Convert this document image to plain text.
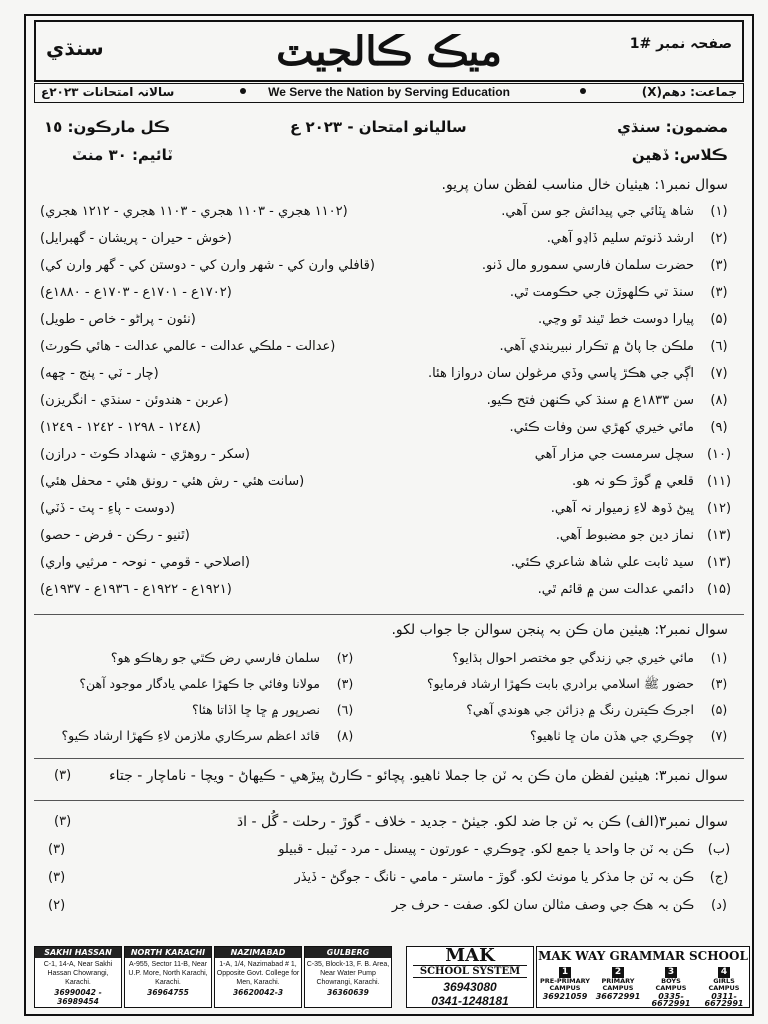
سنڌي	ميڪ ڪالجيٽ	صفحہ نمبر #1
سالانہ امتحانات ٢٠٢٣ع	We Serve the Nation by Serving Education	جماعت: دهم(X)
مضمون: سنڌي
ساليانو امتحان - ٢٠٢٣ ع
ڪل مارڪون: ١٥
ڪلاس: ڏهين
ٽائيم: ٣٠ منٽ
سوال نمبر١: هيٺيان خال مناسب لفظن سان پريو.
(١)
شاھ ڀٽائي جي پيدائش جو سن آھي.
(١١٠٢ هجري - ١١٠٣ هجري - ١١٠٣ هجري - ١٢١٢ هجري)
(٢)
ارشد ڏنوتم سليم ڏاڍو آھي.
(خوش - حيران - پريشان - گهبرايل)
(٣)
حضرت سلمان فارسي سمورو مال ڏنو.
(قافلي وارن کي - شهر وارن کي - دوستن کي - گهر وارن کي)
(٣)
سنڌ تي ڪلهوڙن جي حڪومت ٿي.
(١٧٠٢ع - ١٧٠١ع - ١٧٠٣ع - ١٨٨٠ع)
(۵)
پيارا دوست خط ٿيند ٿو وڃي.
(نئون - پراڻو - خاص - طويل)
(٦)
ملڪن جا پاڻ ۾ تڪرار نبيريندي آھي.
(عدالت - ملڪي عدالت - عالمي عدالت - هائي ڪورٽ)
(٧)
اڳي جي هڪڙ پاسي وڏي مرغولن سان دروازا هئا.
(چار - ٽي - پنج - ڇهه)
(٨)
سن ١٨٣٣ع ۾ سنڌ کي ڪنهن فتح ڪيو.
(عربن - هندوئن - سنڌي - انگريزن)
(٩)
مائي خيري کهڙي سن وفات ڪئي.
(١٢٤٨ - ١٢٩٨ - ١٢٤٢ - ١٢٤٩)
(١٠)
سچل سرمست جي مزار آھي
(سکر - روهڙي - شهداد ڪوٽ - درازن)
(١١)
قلعي ۾ گوڙ ڪو نہ هو.
(سانت هئي - رش هئي - رونق هئي - محفل هئي)
(١٢)
ڀيڻ ڏوھ لاءِ زميوار نہ آھي.
(دوست - پاءِ - پٽ - ڏٽي)
(١٣)
نماز دين جو مضبوط آھي.
(ٿنيو - رڪن - فرض - حصو)
(١٣)
سيد ثابت علي شاھ شاعري ڪئي.
(اصلاحي - قومي - نوحہ - مرثيي واري)
(١۵)
دائمي عدالت سن ۾ قائم ٿي.
(١٩٢١ع - ١٩٢٢ع - ١٩٣٦ع - ١٩٣٧ع)
سوال نمبر٢: هيٺين مان ڪن بہ پنجن سوالن جا جواب لکو.
(١)
مائي خيري جي زندگي جو مختصر احوال ٻڌايو؟
(٢)
سلمان فارسي رض ڪٿي جو رهاڪو هو؟
(٣)
حضور ﷺ اسلامي برادري بابت ڪهڙا ارشاد فرمايو؟
(٣)
مولانا وفائي جا ڪهڙا علمي يادگار موجود آهن؟
(۵)
اجرڪ ڪيترن رنگ ۾ ڊزائن جي هوندي آھي؟
(٦)
نصرپور ۾ ڇا ڇا اڏاتا هئا؟
(٧)
چوڪري جي هڏن مان ڇا ٺاهيو؟
(٨)
قائد اعظم سرڪاري ملازمن لاءِ ڪهڙا ارشاد ڪيو؟
سوال نمبر٣: هيٺين لفظن مان ڪن بہ ٽن جا جملا ٺاهيو. پچائو - ڪارڻ پيڙهي - ڪيهاڻ - ويچا - ناماچار - جتاء
(٣)
سوال نمبر٣(الف) ڪن بہ ٽن جا ضد لکو. جيٺڻ - جديد - خلاف - گوڙ - رحلت - گُل - اڌ
(٣)
(ب)
ڪن بہ ٽن جا واحد يا جمع لکو. ڇوڪري - عورتون - پيسنل - مرد - ٽيبل - قبيلو
(٣)
(ج)
ڪن بہ ٽن جا مذکر يا مونث لکو. گوڙ - ماستر - مامي - نانگ - جوگڻ - ڏيڏر
(٣)
(د)
ڪن بہ هڪ جي وصف مثالن سان لکو. صفت - حرف جر
(٢)
SAKHI HASSAN
C-1, 14-A, Near Sakhi Hassan Chowrangi, Karachi.
36990042 - 36989454
NORTH KARACHI
A-955, Sector 11-B, Near U.P. More, North Karachi, Karachi.
36964755
NAZIMABAD
1-A, 1/4, Nazimabad # 1, Opposite Govt. College for Men, Karachi.
36620042-3
GULBERG
C-35, Block-13, F. B. Area, Near Water Pump Chowrangi, Karachi.
36360639
MAK
SCHOOL SYSTEM
36943080
0341-1248181
MAK WAY GRAMMAR SCHOOL
1
PRE-PRIMARY CAMPUS
36921059
2
PRIMARY CAMPUS
36672991
3
BOYS CAMPUS
0335-6672991
4
GIRLS CAMPUS
0311-6672991
